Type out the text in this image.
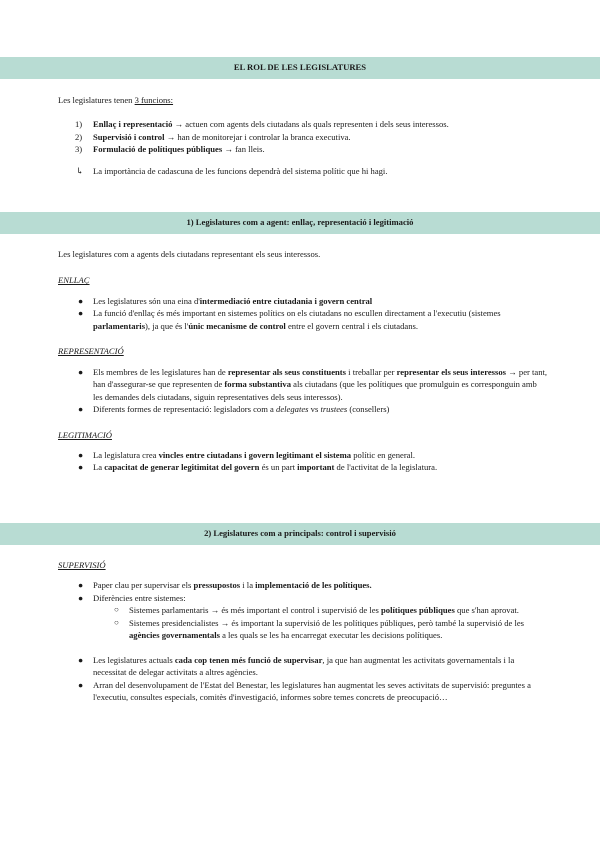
EL ROL DE LES LEGISLATURES

Les legislatures tenen 3 funcions:

1) Enllaç i representació → actuen com agents dels ciutadans als quals representen i dels seus interessos.
2) Supervisió i control → han de monitorejar i controlar la branca executiva.
3) Formulació de polítiques públiques → fan lleis.
↳ La importància de cadascuna de les funcions dependrà del sistema polític que hi hagi.
1) Legislatures com a agent: enllaç, representació i legitimació

Les legislatures com a agents dels ciutadans representant els seus interessos.

ENLLAÇ

● Les legislatures són una eina d'intermediació entre ciutadania i govern central
● La funció d'enllaç és més important en sistemes polítics on els ciutadans no escullen directament a l'executiu (sistemes parlamentaris), ja que és l'únic mecanisme de control entre el govern central i els ciutadans.

REPRESENTACIÓ

● Els membres de les legislatures han de representar als seus constituents i treballar per representar els seus interessos → per tant, han d'assegurar-se que representen de forma substantiva als ciutadans (que les polítiques que promulguin es corresponguin amb les demandes dels ciutadans, siguin representatives dels seus interessos).
● Diferents formes de representació: legisladors com a delegates vs trustees (consellers)

LEGITIMACIÓ

● La legislatura crea vincles entre ciutadans i govern legitimant el sistema polític en general.
● La capacitat de generar legitimitat del govern és un part important de l'activitat de la legislatura.
2) Legislatures com a principals: control i supervisió

SUPERVISIÓ

● Paper clau per supervisar els pressupostos i la implementació de les polítiques.
● Diferències entre sistemes:
○ Sistemes parlamentaris → és més important el control i supervisió de les polítiques públiques que s'han aprovat.
○ Sistemes presidencialistes → és important la supervisió de les polítiques públiques, però també la supervisió de les agències governamentals a les quals se les ha encarregat executar les decisions polítiques.
● Les legislatures actuals cada cop tenen més funció de supervisar, ja que han augmentat les activitats governamentals i la necessitat de delegar activitats a altres agències.
● Arran del desenvolupament de l'Estat del Benestar, les legislatures han augmentat les seves activitats de supervisió: preguntes a l'executiu, consultes especials, comitès d'investigació, informes sobre temes concrets de preocupació…
